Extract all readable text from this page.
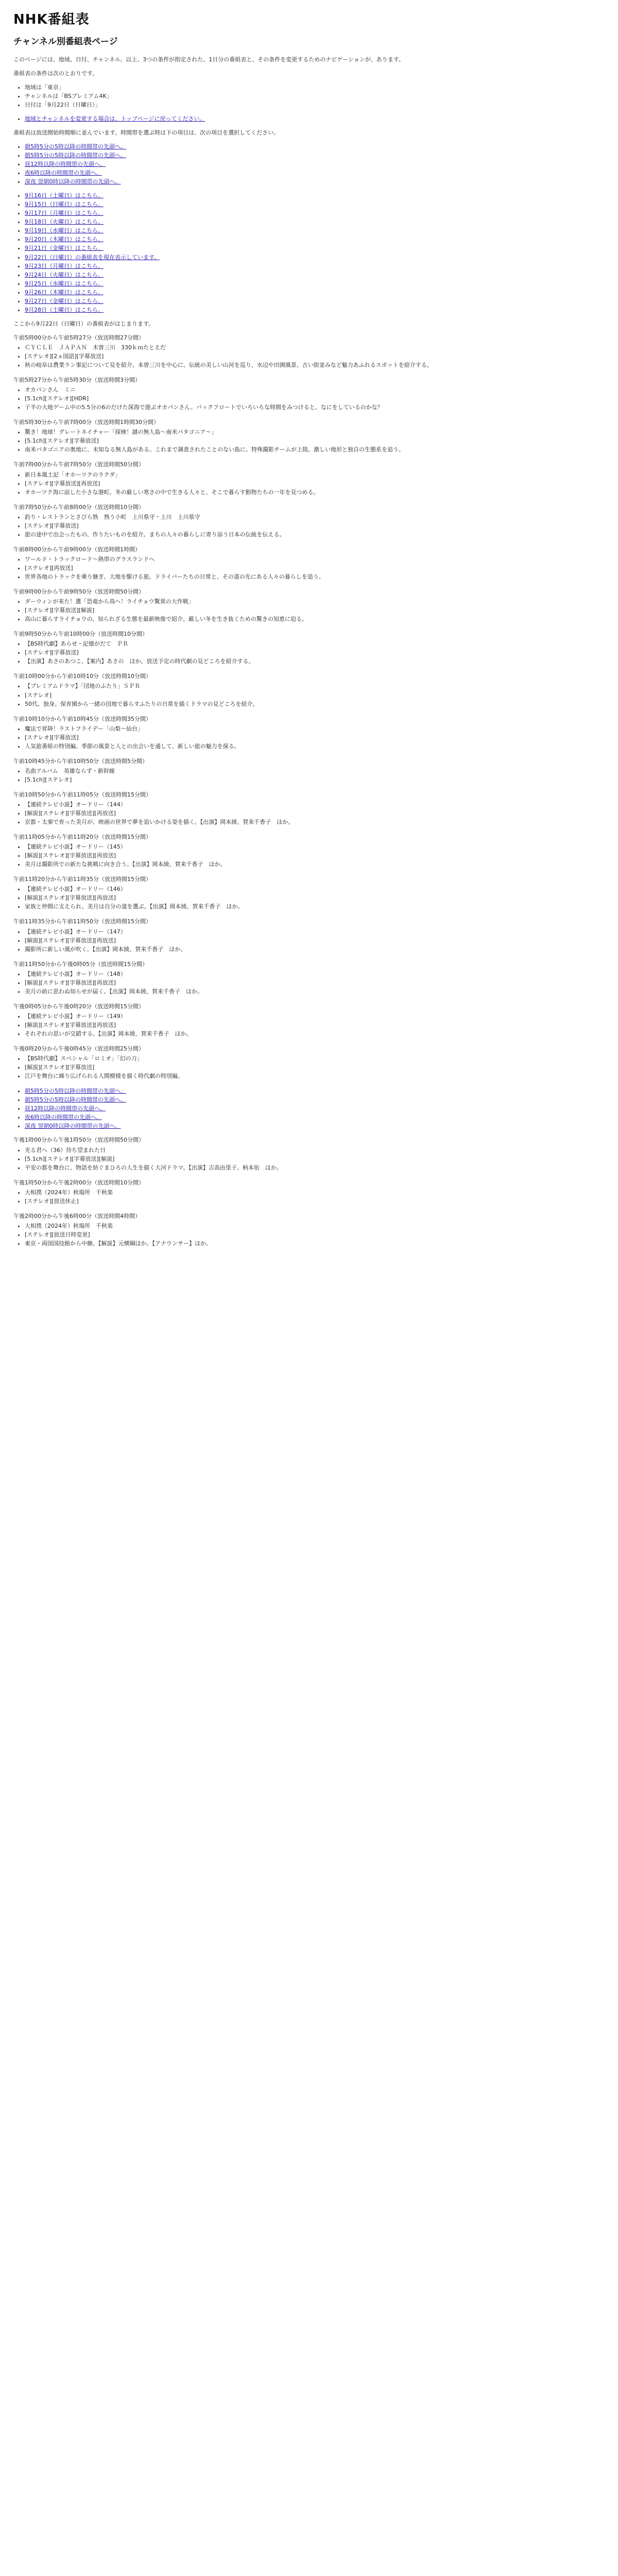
NHK番組表
チャンネル別番組表ページ

このページには、地域、日付、チャンネル、以上、3つの条件が指定された、1日分の番組表と、その条件を変更するためのナビゲーションが、あります。

番組表の条件は次のとおりです。

• 地域は「東京」
• チャンネルは「BSプレミアム4K」
• 日付は「9月22日（日曜日）」
• 地域とチャンネルを変更する場合は、トップページに戻ってください。

番組表は放送開始時間順に並んでいます。時間帯を選ぶ時は下の項目は、次の項目を選択してください。

• 朝5時5分の5時以降の時間帯の先頭へ。
• 朝5時5分の5時以降の時間帯の先頭へ。
• 昼12時以降の時間帯の先頭へ。
• 夜6時以降の時間帯の先頭へ。
• 深夜 翌朝0時以降の時間帯の先頭へ。
• 9月16日（土曜日）はこちら。
• 9月15日（日曜日）はこちら。
• 9月17日（月曜日）はこちら。
• 9月18日（火曜日）はこちら。
• 9月19日（水曜日）はこちら。
• 9月20日（木曜日）はこちら。
• 9月21日（金曜日）はこちら。
• 9月22日（日曜日）の番組表を現在表示しています。
• 9月23日（月曜日）はこちら。
• 9月24日（火曜日）はこちら。
• 9月25日（水曜日）はこちら。
• 9月26日（木曜日）はこちら。
• 9月27日（金曜日）はこちら。
• 9月28日（土曜日）はこちら。

ここから9月22日（日曜日）の番組表がはじまります。

午前5時00分から午前5時27分（放送時間27分間）

• ＣＹＣＬＥ　ＪＡＰＡＮ　木曽三川　330ｋｍたとえだ
• [ステレオ][2ヵ国語][字幕放送]
• 秋の岐阜は農業ラン事記について見を紹介。本曽三川を中心に、伝統の美しい山河を巡り、水辺や田園風景、古い街並みなど魅力あふれるスポットを紹介する。

午前5時27分から午前5時30分（放送時間3分間）

• オカパンさん　ミニ
• [5.1ch][ステレオ][HDR]
• 子羊の大地ゲーム中の5.5分の6のだけた深海で遊ぶオカパンさん。バックフロートでいろいろな時間をみつけると、なにをしているのかな？

午前5時30分から午前7時00分（放送時間1時間30分間）

• 驚き！地球！グレートネイチャー「探検！謎の無人島～南米パタゴニア～」
• [5.1ch][ステレオ][字幕放送]
• 南米パタゴニアの奥地に、未知なる無人島がある。これまで調査されたことのない島に、特殊撮影チームが上陸。激しい地形と独自の生態系を追う。

午前7時00分から午前7時50分（放送時間50分間）

• 新日本風土記「オホーツクのラクダ」
• [ステレオ][字幕放送][再放送]
• オホーツク海に面した小さな港町。冬の厳しい寒さの中で生きる人々と、そこで暮らす動物たちの一年を見つめる。

午前7時50分から午前8時00分（放送時間10分間）

• 釣り・レストランとさびら熟　熟う小町　上川県守・上川　上川県守
• [ステレオ][字幕放送]
• 旅の途中で出会ったもの、作りたいものを紹介。まちの人々の暮らしに寄り添う日本の伝統を伝える。

午前8時00分から午前9時00分（放送時間1時間）

• ワールド・トラックロード～熱帯のグラスランドへ
• [ステレオ][再放送]
• 世界各地のトラックを乗り継ぎ、大地を駆ける旅。ドライバーたちの日常と、その道の先にある人々の暮らしを追う。

午前9時00分から午前9時50分（放送時間50分間）

• ダーウィンが来た！選「恐竜から鳥へ！ライチョウ驚異の大作戦」
• [ステレオ][字幕放送][解説]
• 高山に暮らすライチョウの、知られざる生態を最新映像で紹介。厳しい冬を生き抜くための驚きの知恵に迫る。

午前9時50分から午前10時00分（放送時間10分間）

• 【BS時代劇】あらせ・記憶がだて　ＰＲ
• [ステレオ][字幕放送]
• 【出演】あさのあつこ、【案内】あさの　ほか。放送予定の時代劇の見どころを紹介する。

午前10時00分から午前10時10分（放送時間10分間）

• 【プレミアムドラマ】「団地のふたり」ＳＰＲ
• [ステレオ]
• 50代、独身。保育園から一緒の団地で暮らすふたりの日常を描くドラマの見どころを紹介。

午前10時10分から午前10時45分（放送時間35分間）

• 魔法で昇降！ラストフライデー「山梨～仙台」
• [ステレオ][字幕放送]
• 人気旅番組の特別編。季節の風景と人との出会いを通して、新しい旅の魅力を探る。

午前10時45分から午前10時50分（放送時間5分間）

• 名曲アルバム　英雄ならず・新幹線
• [5.1ch][ステレオ]

午前10時50分から午前11時05分（放送時間15分間）

• 【連続テレビ小説】オードリー（144）
• [解説][ステレオ][字幕放送][再放送]
• 京都・太秦で育った美月が、映画の世界で夢を追いかける姿を描く。【出演】岡本綾、賀来千香子　ほか。

午前11時05分から午前11時20分（放送時間15分間）

• 【連続テレビ小説】オードリー（145）
• [解説][ステレオ][字幕放送][再放送]
• 美月は撮影所での新たな挑戦に向き合う。【出演】岡本綾、賀来千香子　ほか。

午前11時20分から午前11時35分（放送時間15分間）

• 【連続テレビ小説】オードリー（146）
• [解説][ステレオ][字幕放送][再放送]
• 家族と仲間に支えられ、美月は自分の道を選ぶ。【出演】岡本綾、賀来千香子　ほか。

午前11時35分から午前11時50分（放送時間15分間）

• 【連続テレビ小説】オードリー（147）
• [解説][ステレオ][字幕放送][再放送]
• 撮影所に新しい風が吹く。【出演】岡本綾、賀来千香子　ほか。

午前11時50分から午後0時05分（放送時間15分間）

• 【連続テレビ小説】オードリー（148）
• [解説][ステレオ][字幕放送][再放送]
• 美月の前に思わぬ知らせが届く。【出演】岡本綾、賀来千香子　ほか。

午後0時05分から午後0時20分（放送時間15分間）

• 【連続テレビ小説】オードリー（149）
• [解説][ステレオ][字幕放送][再放送]
• それぞれの思いが交錯する。【出演】岡本綾、賀来千香子　ほか。

午後0時20分から午後0時45分（放送時間25分間）

• 【BS時代劇】スペシャル「ロミオ」「幻の刀」
• [解説][ステレオ][字幕放送]
• 江戸を舞台に繰り広げられる人間模様を描く時代劇の特別編。
• 朝5時5分の5時以降の時間帯の先頭へ。
• 朝5時5分の5時以降の時間帯の先頭へ。
• 昼12時以降の時間帯の先頭へ。
• 夜6時以降の時間帯の先頭へ。
• 深夜 翌朝0時以降の時間帯の先頭へ。

午後1時00分から午後1時50分（放送時間50分間）

• 光る君へ（36）待ち望まれた日
• [5.1ch][ステレオ][字幕放送][解説]
• 平安の都を舞台に、物語を紡ぐまひろの人生を描く大河ドラマ。【出演】吉高由里子、柄本佑　ほか。

午後1時50分から午後2時00分（放送時間10分間）

• 大相撲（2024年）秋場所　千秋楽
• [ステレオ][放送休止]

午後2時00分から午後6時00分（放送時間4時間）

• 大相撲（2024年）秋場所　千秋楽
• [ステレオ][放送日時変更]
• 東京・両国国技館から中継。【解説】元横綱ほか。【アナウンサー】ほか。
